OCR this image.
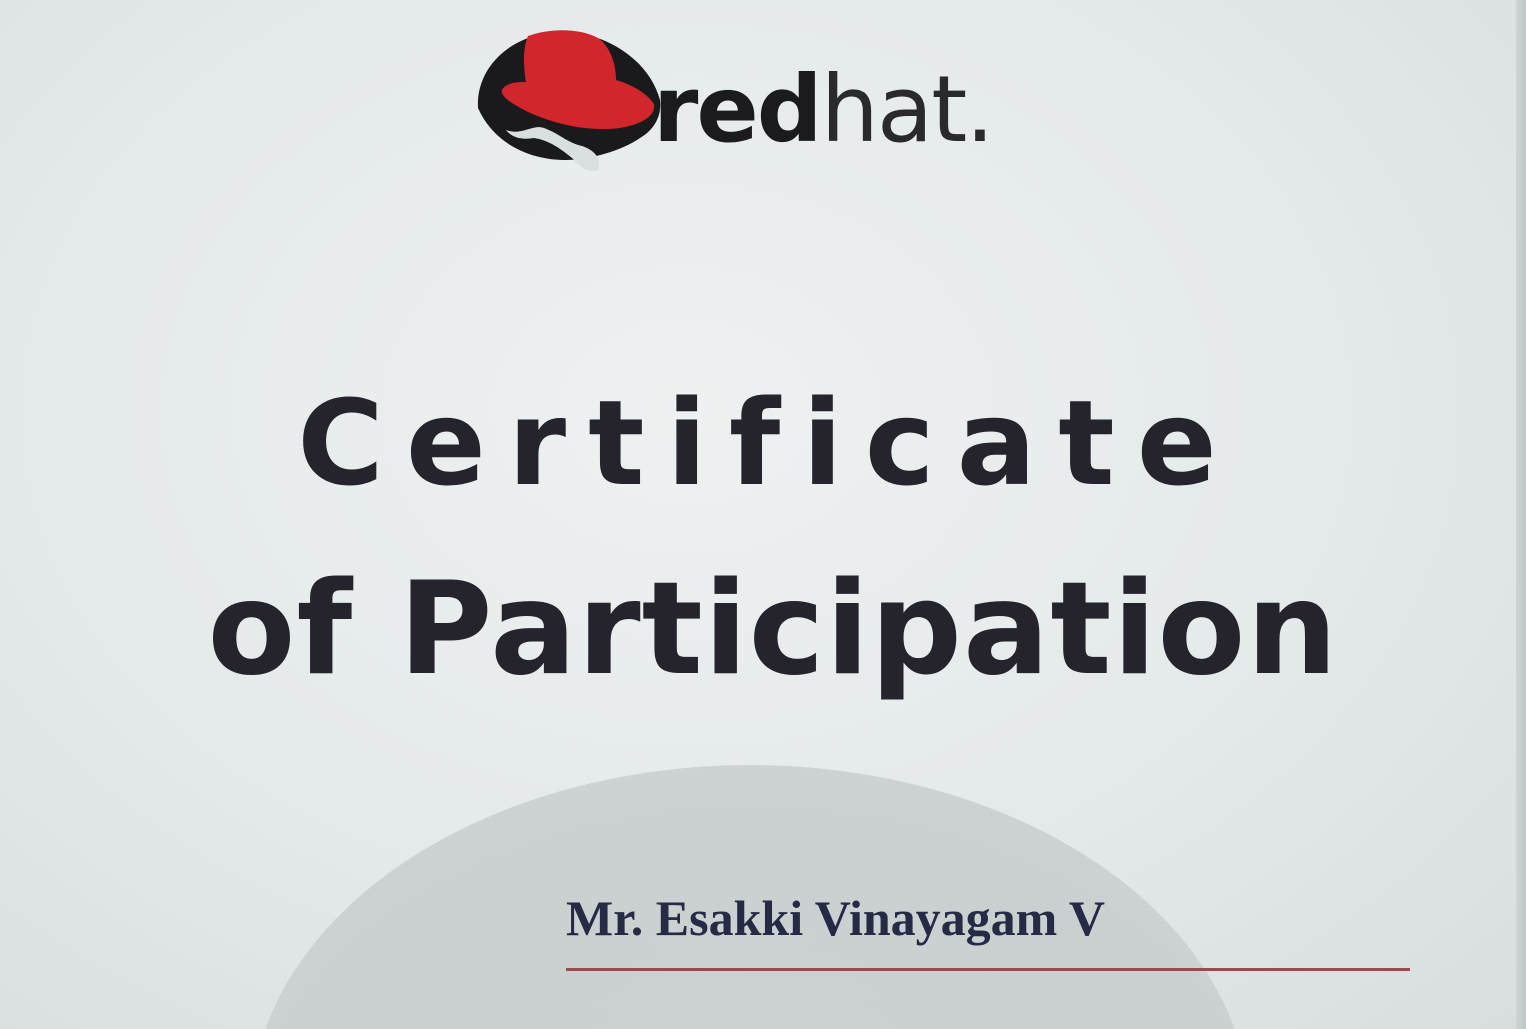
redhat.
Certificate
of Participation
Mr. Esakki Vinayagam V
